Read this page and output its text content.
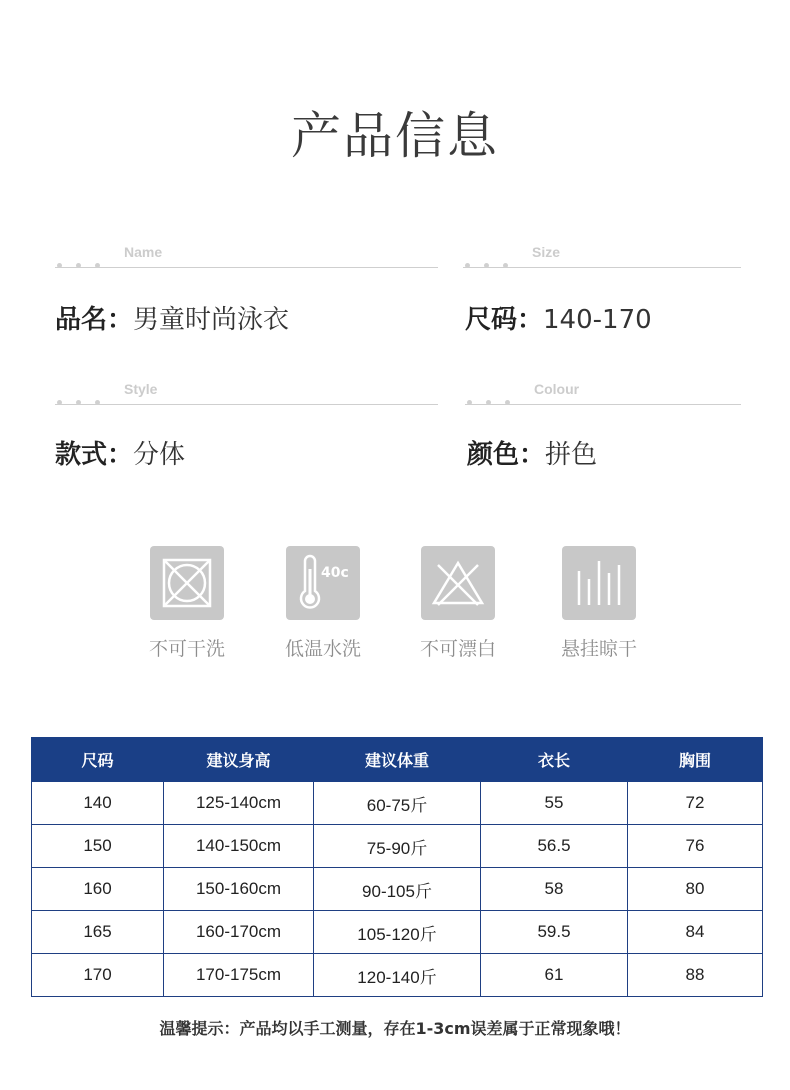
产品信息
Name	Size
品名：男童时尚泳衣	尺码：140-170
Style	Colour
款式：分体	颜色：拼色
不可干洗
40c
低温水洗	不可漂白	悬挂晾干
尺码	建议身高	建议体重	衣长	胸围
140	125-140cm	60-75斤	55	72
150	140-150cm	75-90斤	56.5	76
160	150-160cm	90-105斤	58	80
165	160-170cm	105-120斤	59.5	84
170	170-175cm	120-140斤	61	88
温馨提示：产品均以手工测量，存在1-3cm误差属于正常现象哦！
